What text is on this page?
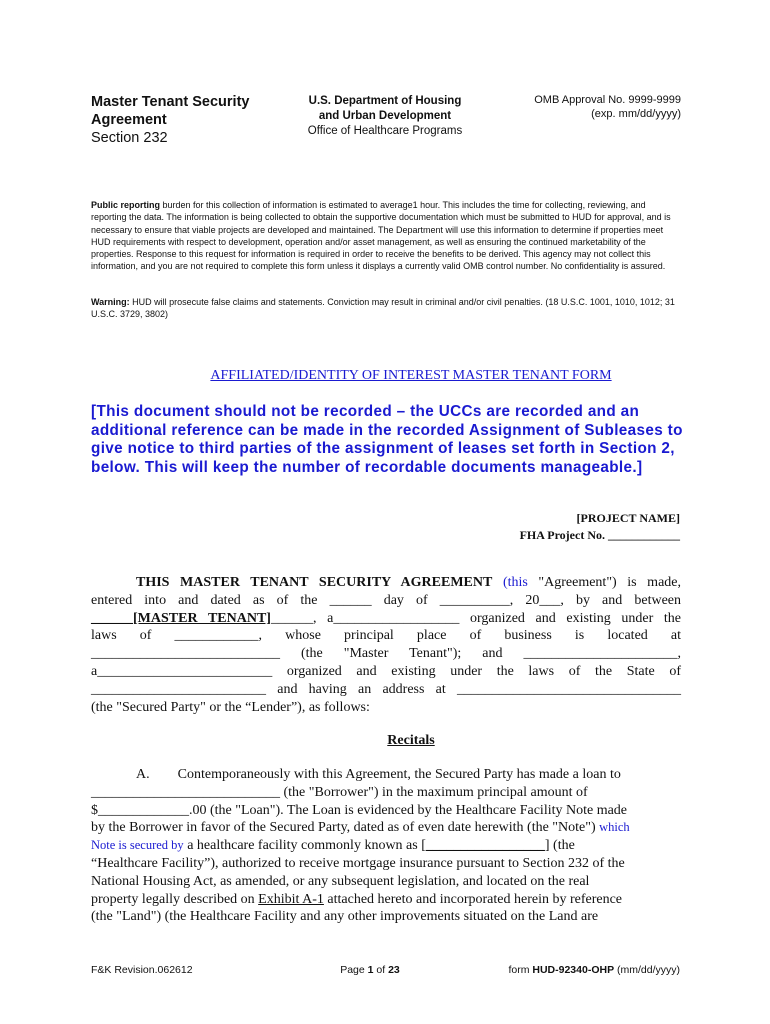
Master Tenant Security
Agreement
Section 232
U.S. Department of Housing
and Urban Development
Office of Healthcare Programs
OMB Approval No. 9999-9999
(exp. mm/dd/yyyy)
Public reporting burden for this collection of information is estimated to average1 hour. This includes the time for collecting, reviewing, and reporting the data. The information is being collected to obtain the supportive documentation which must be submitted to HUD for approval, and is necessary to ensure that viable projects are developed and maintained. The Department will use this information to determine if properties meet HUD requirements with respect to development, operation and/or asset management, as well as ensuring the continued marketability of the properties. Response to this request for information is required in order to receive the benefits to be derived. This agency may not collect this information, and you are not required to complete this form unless it displays a currently valid OMB control number. No confidentiality is assured.
Warning: HUD will prosecute false claims and statements. Conviction may result in criminal and/or civil penalties. (18 U.S.C. 1001, 1010, 1012; 31 U.S.C. 3729, 3802)
AFFILIATED/IDENTITY OF INTEREST MASTER TENANT FORM
[This document should not be recorded – the UCCs are recorded and an additional reference can be made in the recorded Assignment of Subleases to give notice to third parties of the assignment of leases set forth in Section 2, below. This will keep the number of recordable documents manageable.]
[PROJECT NAME]
FHA Project No. ____________
THIS MASTER TENANT SECURITY AGREEMENT (this "Agreement") is made,
entered into and dated as of the ______ day of __________, 20___, by and between
______[MASTER TENANT]______, a__________________ organized and existing under the
laws of ____________, whose principal place of business is located at
___________________________ (the "Master Tenant"); and ______________________,
a_________________________ organized and existing under the laws of the State of
_________________________ and having an address at ________________________________
(the "Secured Party" or the “Lender”), as follows:
Recitals
A. Contemporaneously with this Agreement, the Secured Party has made a loan to
___________________________ (the "Borrower") in the maximum principal amount of
$_____________.00 (the "Loan"). The Loan is evidenced by the Healthcare Facility Note made
by the Borrower in favor of the Secured Party, dated as of even date herewith (the "Note") which
Note is secured by a healthcare facility commonly known as [_________________] (the
“Healthcare Facility”), authorized to receive mortgage insurance pursuant to Section 232 of the
National Housing Act, as amended, or any subsequent legislation, and located on the real
property legally described on Exhibit A-1 attached hereto and incorporated herein by reference
(the "Land") (the Healthcare Facility and any other improvements situated on the Land are
F&K Revision.062612	Page 1 of 23	form HUD-92340-OHP (mm/dd/yyyy)
